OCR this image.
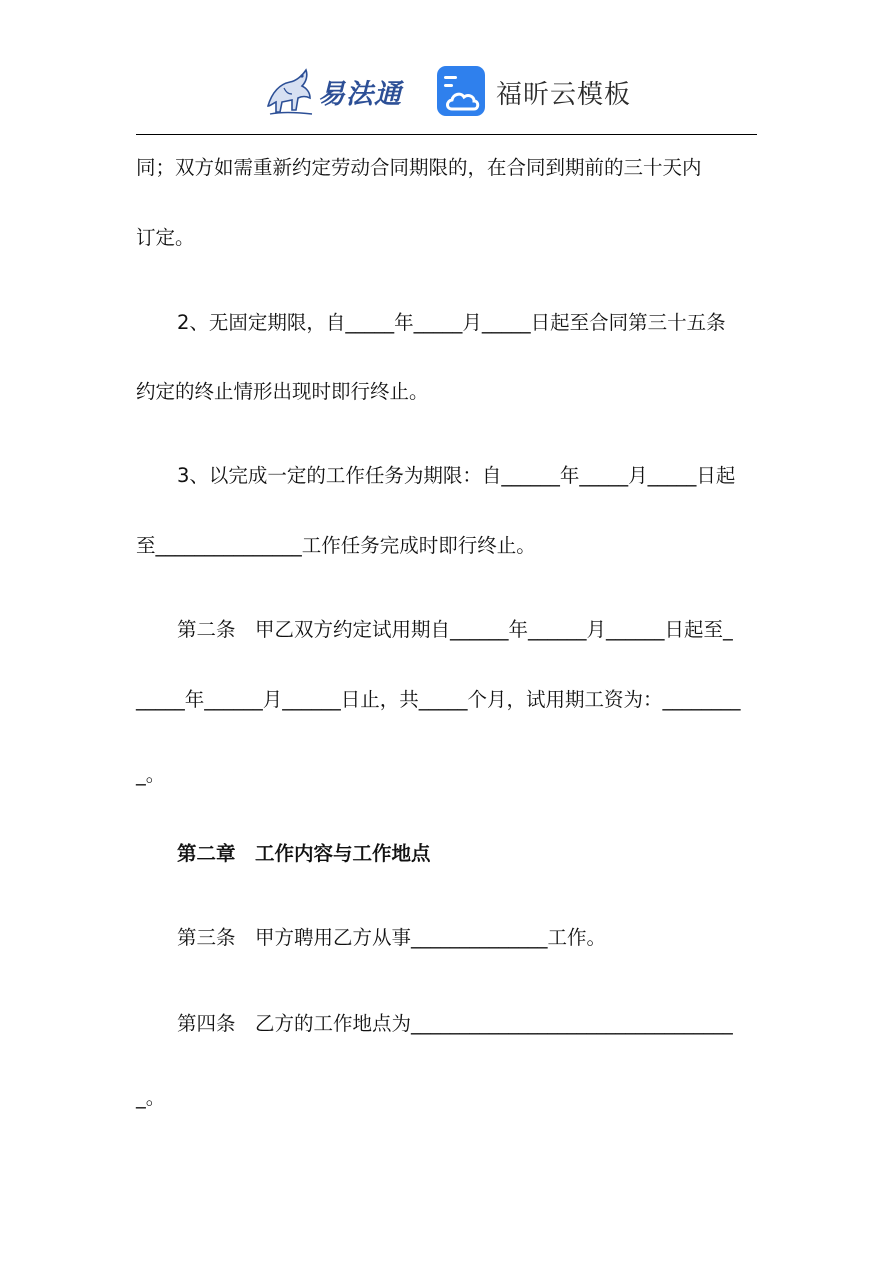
易法通	福昕云模板
同；双方如需重新约定劳动合同期限的，在合同到期前的三十天内
订定。
2、无固定期限，自_____年_____月_____日起至合同第三十五条
约定的终止情形出现时即行终止。
3、以完成一定的工作任务为期限：自______年_____月_____日起
至_______________工作任务完成时即行终止。
第二条　甲乙双方约定试用期自______年______月______日起至_
_____年______月______日止，共_____个月，试用期工资为：________
_。
第二章　工作内容与工作地点
第三条　甲方聘用乙方从事______________工作。
第四条　乙方的工作地点为_________________________________
_。
